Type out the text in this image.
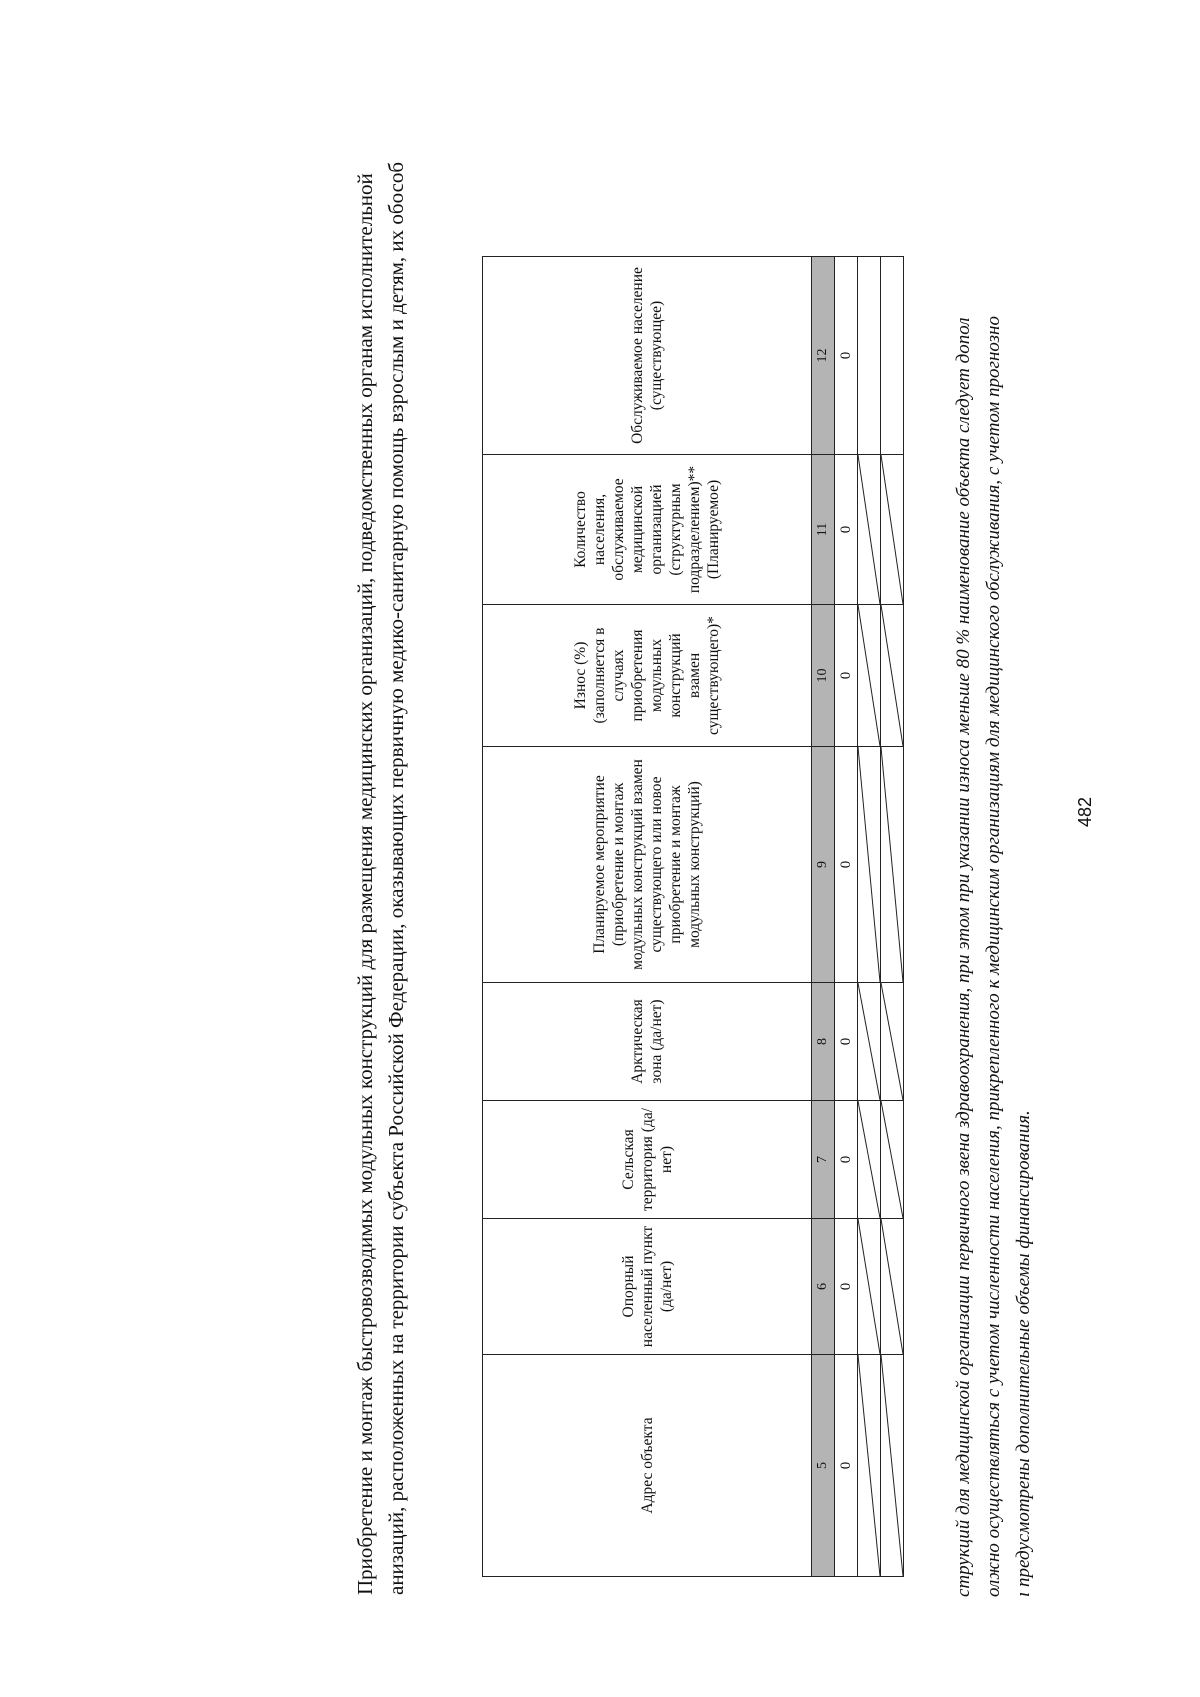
Приобретение и монтаж быстровозводимых модульных конструкций для размещения медицинских организаций, подведомственных органам исполнительной анизаций, расположенных на территории субъекта Российской Федерации, оказывающих первичную медико-санитарную помощь взрослым и детям, их обособ	Адрес объекта	Опорный населенный пункт (да/нет)	Сельская территория (да/нет)	Арктическая зона (да/нет)	Планируемое мероприятие (приобретение и монтаж модульных конструкций взамен существующего или новое приобретение и монтаж модульных конструкций)	Износ (%) (заполняется в случаях приобретения модульных конструкций взамен существующего)*	Количество населения, обслуживаемое медицинской организацией (структурным подразделением)** (Планируемое)	Обслуживаемое население (существующее)
5	6	7	8	9	10	11	12
0	0	0	0	0	0	0	0

		струкций для медицинской организации первичного звена здравоохранения, при этом при указании износа меньше 80 % наименование объекта следует допол олжно осуществляться с учетом численности населения, прикрепленного к медицинским организациям для медицинского обслуживания, с учетом прогнозно ı предусмотрены дополнительные объемы финансирования.
482
